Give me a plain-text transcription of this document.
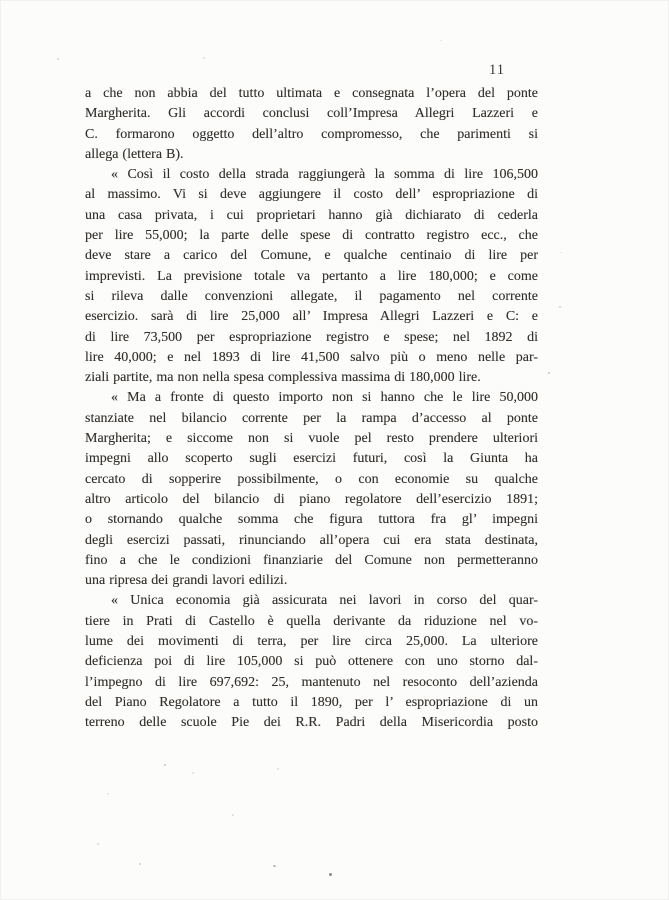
11
a che non abbia del tutto ultimata e consegnata l’opera del ponte
Margherita. Gli accordi conclusi coll’Impresa Allegri Lazzeri e
C. formarono oggetto dell’altro compromesso, che parimenti si
allega (lettera B).
« Così il costo della strada raggiungerà la somma di lire 106,500
al massimo. Vi si deve aggiungere il costo dell’ espropriazione di
una casa privata, i cui proprietari hanno già dichiarato di cederla
per lire 55,000; la parte delle spese di contratto registro ecc., che
deve stare a carico del Comune, e qualche centinaio di lire per
imprevisti. La previsione totale va pertanto a lire 180,000; e come
si rileva dalle convenzioni allegate, il pagamento nel corrente
esercizio. sarà di lire 25,000 all’ Impresa Allegri Lazzeri e C: e
di lire 73,500 per espropriazione registro e spese; nel 1892 di
lire 40,000; e nel 1893 di lire 41,500 salvo più o meno nelle par-
ziali partite, ma non nella spesa complessiva massima di 180,000 lire.
« Ma a fronte di questo importo non si hanno che le lire 50,000
stanziate nel bilancio corrente per la rampa d’accesso al ponte
Margherita; e siccome non si vuole pel resto prendere ulteriori
impegni allo scoperto sugli esercizi futuri, così la Giunta ha
cercato di sopperire possibilmente, o con economie su qualche
altro articolo del bilancio di piano regolatore dell’esercizio 1891;
o stornando qualche somma che figura tuttora fra gl’ impegni
degli esercizi passati, rinunciando all’opera cui era stata destinata,
fino a che le condizioni finanziarie del Comune non permetteranno
una ripresa dei grandi lavori edilizi.
« Unica economia già assicurata nei lavori in corso del quar-
tiere in Prati di Castello è quella derivante da riduzione nel vo-
lume dei movimenti di terra, per lire circa 25,000. La ulteriore
deficienza poi di lire 105,000 si può ottenere con uno storno dal-
l’impegno di lire 697,692: 25, mantenuto nel resoconto dell’azienda
del Piano Regolatore a tutto il 1890, per l’ espropriazione di un
terreno delle scuole Pie dei R.R. Padri della Misericordia posto
